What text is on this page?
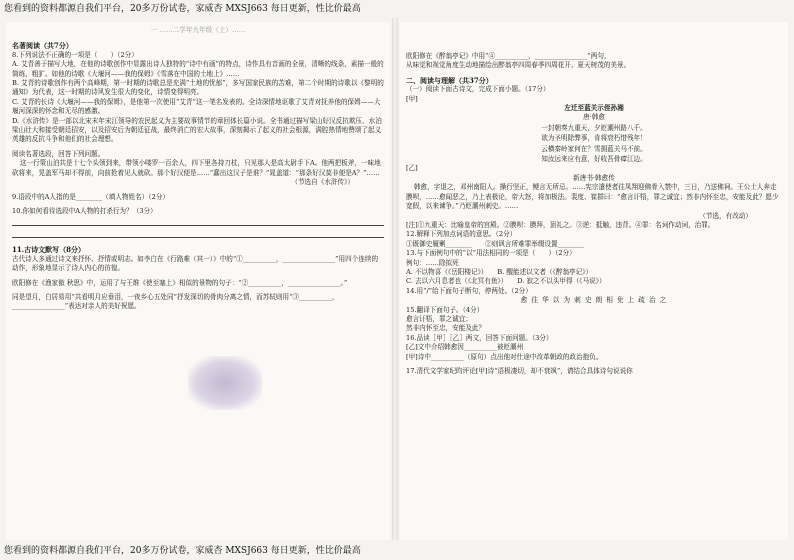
您看到的资料都源自我们平台，20多万份试卷，家威杏 MXSJ663 每日更新，性比价最高

一 ……二学年九年级（上）……

名著阅读（共7分）

8.下列说法不正确的一项是（　　）（2分）

A. 艾青善于描写大地，在他的诗歌创作中显露出诗人独特的“诗中有画”的特点，诗作具有音画的全景，清晰的线条，素描一般的简练，粗犷。如他的诗歌《大堰河——我的保姆》《雪落在中国的土地上》……

B. 艾青的诗歌创作有两个高峰期，第一时期的诗歌总是充满“土地的忧郁”，多写国家民族的苦难，第二个时期的诗歌以《黎明的通知》为代表，这一时期的诗风发生很大的变化，诗情变得明亮。

C. 艾青的长诗《大堰河——我的保姆》，是他第一次使用“艾青”这一笔名发表的。全诗深情地讴歌了艾青对抚养他的保姆——大堰河深深的怀念和无尽的感激。

D.《水浒传》是一部以北宋末年宋江领导的农民起义为主要故事情节的章回体长篇小说。全书通过描写梁山好汉反抗欺压、水泊梁山壮大和接受朝廷招安，以及招安后为朝廷征战，最终消亡的宏大故事，深刻揭示了起义的社会根源，满腔热情地赞颂了起义英雄的反抗斗争和他们的社会理想。

阅读名著选段，回答下列问题。

这一行策山泊共是十七个头领到来，带领小喽罗一百余人，四下里各持刀杖，只见那人是高太尉手下A。他两把板斧，一味地砍将来，晃盖军马却不得前，向前抢着见人就砍。那个好汉便是……“蠢出这汉子是谁？”晁盖道：“那条好汉莫非便是A？”……

（节选自《水浒传》）

9.语段中的A人指的是________（填人物姓名）（2分）

10.你如何看待选段中A人物的打杀行为？（3分）

11.古诗文默写（8分）

古代诗人多通过诗文来抒怀、抒情或明志。如李白在《行路难（其一）》中的“①__________，________________”用四个连续的动作，形象地显示了诗人内心的彷徨。

欧阳修在《渔家傲 秋思》中，运用了与王维《使至塞上》相似的景物的句子：“②__________，________________。”

同是望月，白居易用“共看明月应垂泪，一夜乡心五处同”抒发深切的骨肉分离之情，而苏轼则用“③__________，________________”表达对亲人的美好祝愿。

欧阳修在《醉翁亭记》中用“④__________，________________”两句，

从味觉和视觉角度生动地描绘出醉翁亭四周春季四周花开、夏天树茂的美景。

二、阅读与理解（共37分）

（一）阅读下面古诗文，完成下面小题。（17分）

[甲]

左迁至蓝关示侄孙湘

唐·韩愈

一封朝奏九重天，夕贬潮州路八千。

欲为圣明除弊事，肯将衰朽惜残年！

云横秦岭家何在？雪拥蓝关马不前。

知汝远来应有意，好收吾骨瘴江边。

[乙]

新唐书·韩愈传

韩愈，字退之，邓州南阳人。操行坚正，鲠言无所忌。……宪宗遣使者往凤翔迎佛骨入禁中，三日，乃送佛祠。王公士人奔走膜呗，……愈闻恶之，乃上表极论，帝大怒，将加极法。裴度、崔群曰：“愈言讦牾，罪之诚宜；然非内怀至忠，安能及此？愿少宽假，以来谏争。”乃贬潮州刺史。……

（节选，有改动）

[注]①九重天：比喻皇帝的宫殿。②膜呗：膜拜，顶礼之。③逆：抵触，违背。④罪：名词作动词，治罪。

12.解释下列加点词语的意思。（2分）

①既御史履剿________　　②则讽言所难罪举缀设置________

13.与下面例句中的“以”用法相同的一项是（　　）（2分）

例句：……除拟死

A. 不以物喜（《岳阳楼记》）　　B. 醒能述以文者（《醉翁亭记》）

C. 去以六月息者也（《北冥有鱼》）　　D. 寂之不以头甲得（《马说》）

14.用“/”给下面句子断句，停两处。（2分）

愈 往 华 以 为 刺 史 朗 相 免 上 疏 治 之

15.翻译下面句子。（4分）

愈言讦牾，罪之诚宜；

然非内怀至忠，安能及此？

16.品读［甲］［乙］两文，回答下面问题。（3分）

[乙]文中介绍韩愈因__________被贬潮州

[甲]诗中__________（原句）点出他对仕途中改革朝政的政治抱负。

17.清代文学家纪昀评论[甲]诗“语极凄切，却不衰飒”，请结合具体诗句说说你

您看到的资料都源自我们平台，20多万份试卷，家威杏 MXSJ663 每日更新，性比价最高
